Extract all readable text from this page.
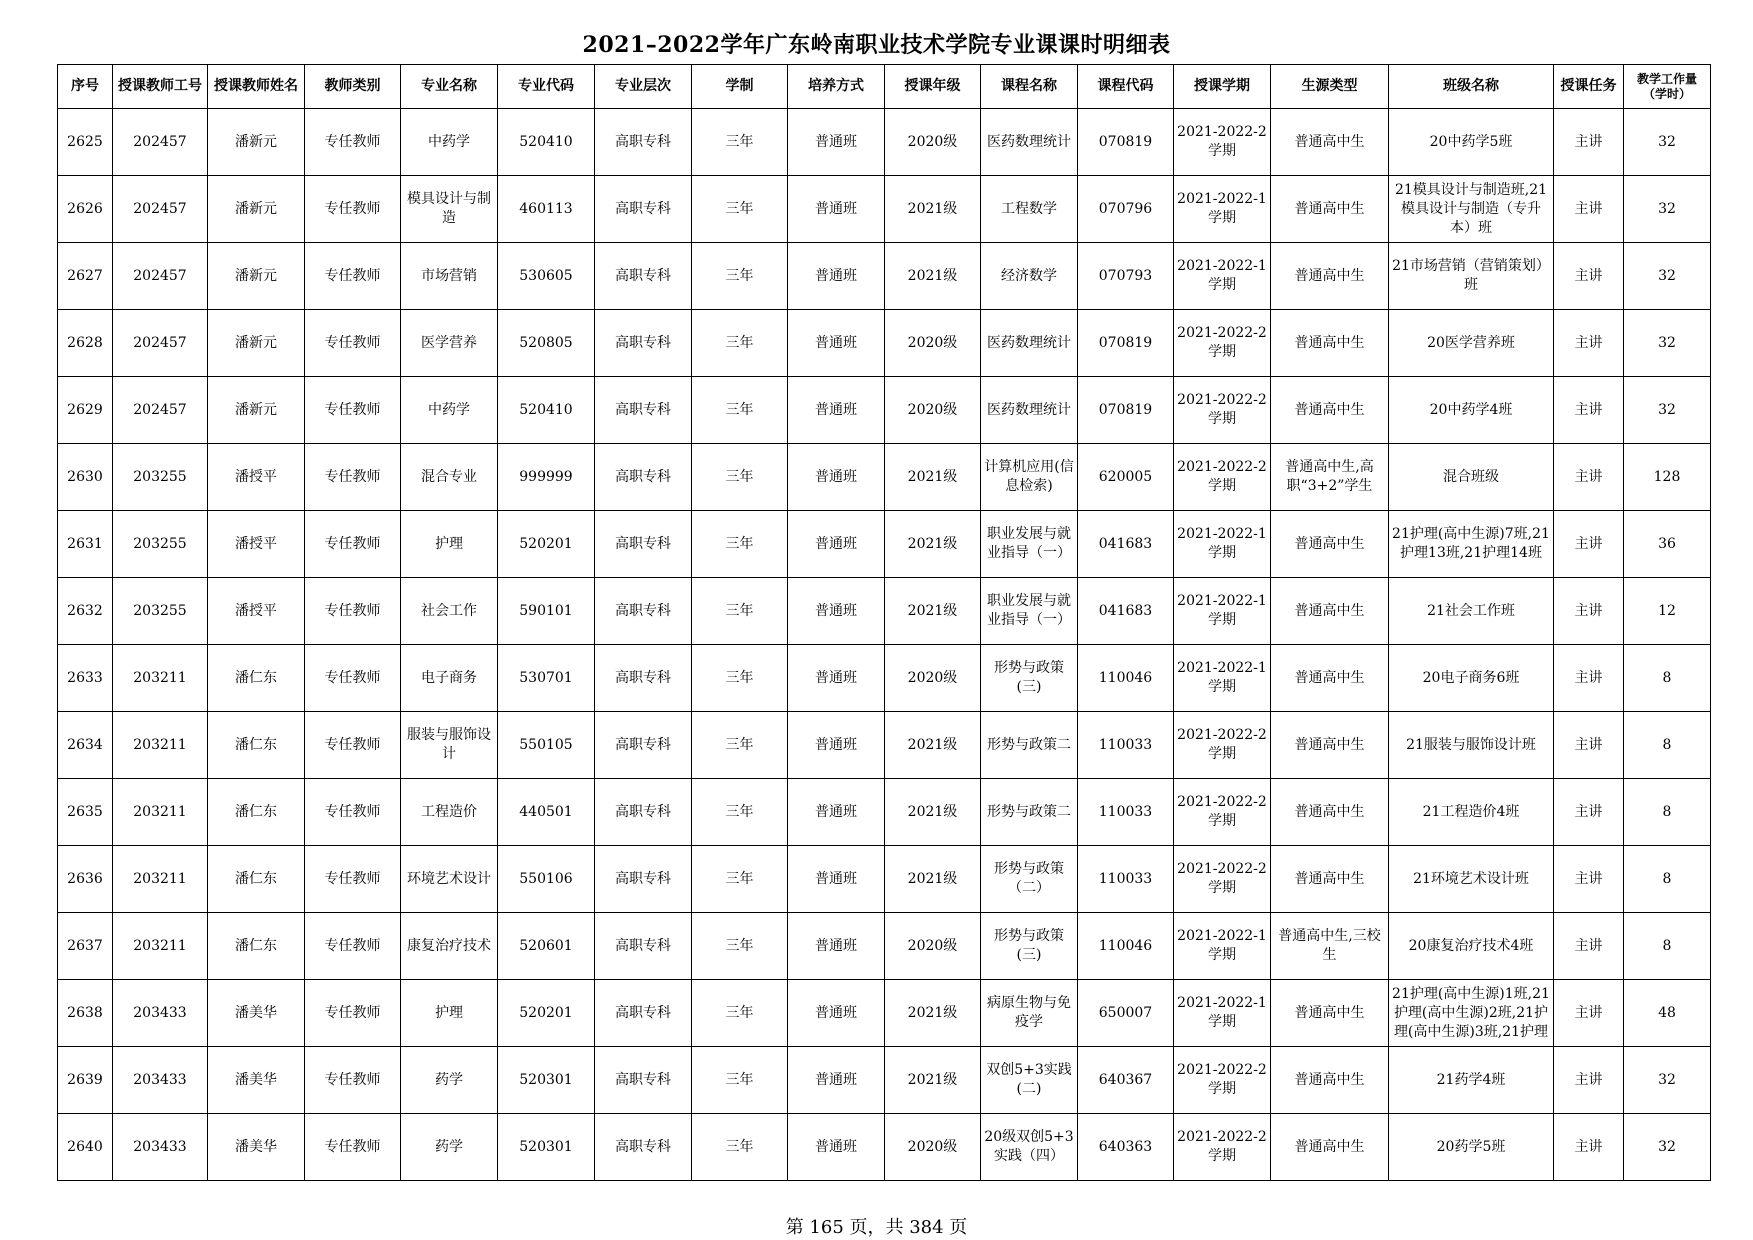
2021–2022学年广东岭南职业技术学院专业课课时明细表
序号	授课教师工号	授课教师姓名	教师类别	专业名称	专业代码	专业层次	学制	培养方式	授课年级	课程名称	课程代码	授课学期	生源类型	班级名称	授课任务	教学工作量（学时）

2625	202457	潘新元	专任教师	中药学	520410	高职专科	三年	普通班	2020级	医药数理统计	070819	2021-2022-2学期	普通高中生	20中药学5班	主讲	32

2626	202457	潘新元	专任教师	模具设计与制造	460113	高职专科	三年	普通班	2021级	工程数学	070796	2021-2022-1学期	普通高中生	21模具设计与制造班,21模具设计与制造（专升本）班	主讲	32

2627	202457	潘新元	专任教师	市场营销	530605	高职专科	三年	普通班	2021级	经济数学	070793	2021-2022-1学期	普通高中生	21市场营销（营销策划）班	主讲	32

2628	202457	潘新元	专任教师	医学营养	520805	高职专科	三年	普通班	2020级	医药数理统计	070819	2021-2022-2学期	普通高中生	20医学营养班	主讲	32

2629	202457	潘新元	专任教师	中药学	520410	高职专科	三年	普通班	2020级	医药数理统计	070819	2021-2022-2学期	普通高中生	20中药学4班	主讲	32

2630	203255	潘授平	专任教师	混合专业	999999	高职专科	三年	普通班	2021级	计算机应用(信息检索)	620005	2021-2022-2学期	普通高中生,高职“3+2”学生	混合班级	主讲	128

2631	203255	潘授平	专任教师	护理	520201	高职专科	三年	普通班	2021级	职业发展与就业指导（一）	041683	2021-2022-1学期	普通高中生	21护理(高中生源)7班,21护理13班,21护理14班	主讲	36

2632	203255	潘授平	专任教师	社会工作	590101	高职专科	三年	普通班	2021级	职业发展与就业指导（一）	041683	2021-2022-1学期	普通高中生	21社会工作班	主讲	12

2633	203211	潘仁东	专任教师	电子商务	530701	高职专科	三年	普通班	2020级	形势与政策(三)	110046	2021-2022-1学期	普通高中生	20电子商务6班	主讲	8

2634	203211	潘仁东	专任教师	服装与服饰设计	550105	高职专科	三年	普通班	2021级	形势与政策二	110033	2021-2022-2学期	普通高中生	21服装与服饰设计班	主讲	8

2635	203211	潘仁东	专任教师	工程造价	440501	高职专科	三年	普通班	2021级	形势与政策二	110033	2021-2022-2学期	普通高中生	21工程造价4班	主讲	8

2636	203211	潘仁东	专任教师	环境艺术设计	550106	高职专科	三年	普通班	2021级	形势与政策（二）	110033	2021-2022-2学期	普通高中生	21环境艺术设计班	主讲	8

2637	203211	潘仁东	专任教师	康复治疗技术	520601	高职专科	三年	普通班	2020级	形势与政策(三)	110046	2021-2022-1学期	普通高中生,三校生	20康复治疗技术4班	主讲	8

2638	203433	潘美华	专任教师	护理	520201	高职专科	三年	普通班	2021级	病原生物与免疫学	650007	2021-2022-1学期	普通高中生	21护理(高中生源)1班,21护理(高中生源)2班,21护理(高中生源)3班,21护理	主讲	48

2639	203433	潘美华	专任教师	药学	520301	高职专科	三年	普通班	2021级	双创5+3实践(二)	640367	2021-2022-2学期	普通高中生	21药学4班	主讲	32

2640	203433	潘美华	专任教师	药学	520301	高职专科	三年	普通班	2020级	20级双创5+3实践（四）	640363	2021-2022-2学期	普通高中生	20药学5班	主讲	32
第 165 页，共 384 页
